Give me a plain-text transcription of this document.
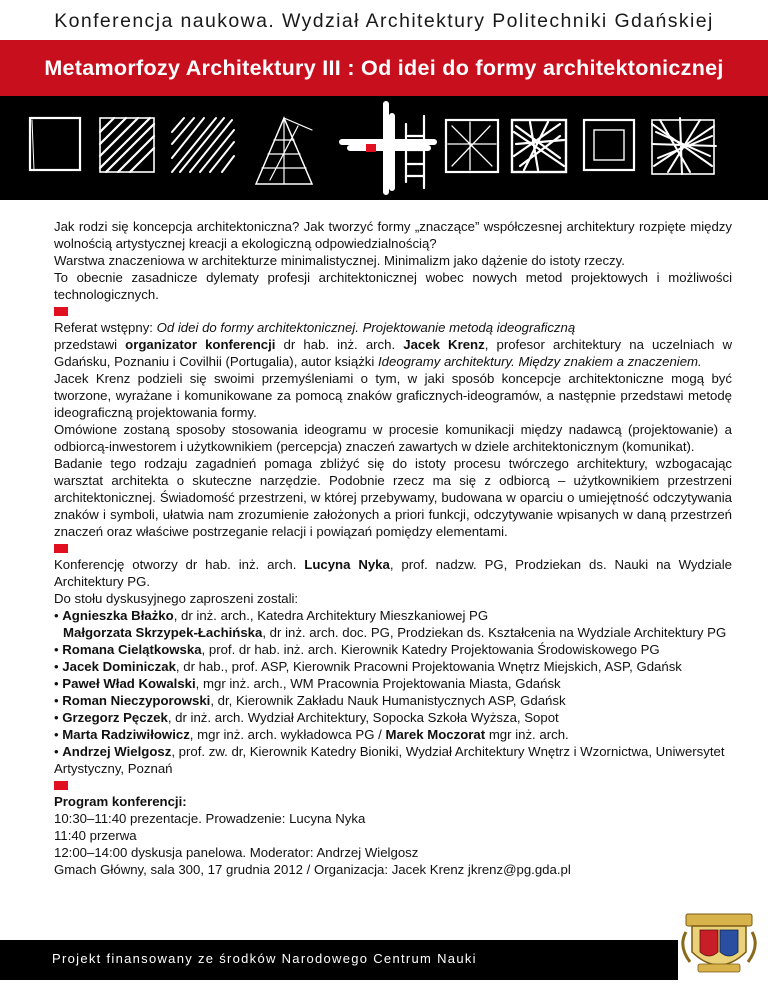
Konferencja naukowa. Wydział Architektury Politechniki Gdańskiej
Metamorfozy Architektury III : Od idei do formy architektonicznej

Jak rodzi się koncepcja architektoniczna? Jak tworzyć formy „znaczące” współczesnej architektury rozpięte między wolnością artystycznej kreacji a ekologiczną odpowiedzialnością?

Warstwa znaczeniowa w architekturze minimalistycznej. Minimalizm jako dążenie do istoty rzeczy.

To obecnie zasadnicze dylematy profesji architektonicznej wobec nowych metod projektowych i możliwości technologicznych.

Referat wstępny: Od idei do formy architektonicznej. Projektowanie metodą ideograficzną

przedstawi organizator konferencji dr hab. inż. arch. Jacek Krenz, profesor architektury na uczelniach w Gdańsku, Poznaniu i Covilhii (Portugalia), autor książki Ideogramy architektury. Między znakiem a znaczeniem.

Jacek Krenz podzieli się swoimi przemyśleniami o tym, w jaki sposób koncepcje architektoniczne mogą być tworzone, wyrażane i komunikowane za pomocą znaków graficznych-ideogramów, a następnie przedstawi metodę ideograficzną projektowania formy.

Omówione zostaną sposoby stosowania ideogramu w procesie komunikacji między nadawcą (projektowanie) a odbiorcą-inwestorem i użytkownikiem (percepcja) znaczeń zawartych w dziele architektonicznym (komunikat).

Badanie tego rodzaju zagadnień pomaga zbliżyć się do istoty procesu twórczego architektury, wzbogacając warsztat architekta o skuteczne narzędzie. Podobnie rzecz ma się z odbiorcą – użytkownikiem przestrzeni architektonicznej. Świadomość przestrzeni, w której przebywamy, budowana w oparciu o umiejętność odczytywania znaków i symboli, ułatwia nam zrozumienie założonych a priori funkcji, odczytywanie wpisanych w daną przestrzeń znaczeń oraz właściwe postrzeganie relacji i powiązań pomiędzy elementami.

Konferencję otworzy dr hab. inż. arch. Lucyna Nyka, prof. nadzw. PG, Prodziekan ds. Nauki na Wydziale Architektury PG.

Do stołu dyskusyjnego zaproszeni zostali:

• Agnieszka Błażko, dr inż. arch., Katedra Architektury Mieszkaniowej PG

Małgorzata Skrzypek-Łachińska, dr inż. arch. doc. PG, Prodziekan ds. Kształcenia na Wydziale Architektury PG

• Romana Cielątkowska, prof. dr hab. inż. arch. Kierownik Katedry Projektowania Środowiskowego PG

• Jacek Dominiczak, dr hab., prof. ASP, Kierownik Pracowni Projektowania Wnętrz Miejskich, ASP, Gdańsk

• Paweł Wład Kowalski, mgr inż. arch., WM Pracownia Projektowania Miasta, Gdańsk

• Roman Nieczyporowski, dr, Kierownik Zakładu Nauk Humanistycznych ASP, Gdańsk

• Grzegorz Pęczek, dr inż. arch. Wydział Architektury, Sopocka Szkoła Wyższa, Sopot

• Marta Radziwiłowicz, mgr inż. arch. wykładowca PG / Marek Moczorat mgr inż. arch.

• Andrzej Wielgosz, prof. zw. dr, Kierownik Katedry Bioniki, Wydział Architektury Wnętrz i Wzornictwa, Uniwersytet Artystyczny, Poznań

Program konferencji:

10:30–11:40 prezentacje. Prowadzenie: Lucyna Nyka

11:40 przerwa

12:00–14:00 dyskusja panelowa. Moderator: Andrzej Wielgosz

Gmach Główny, sala 300, 17 grudnia 2012 / Organizacja: Jacek Krenz jkrenz@pg.gda.pl

Projekt finansowany ze środków Narodowego Centrum Nauki
